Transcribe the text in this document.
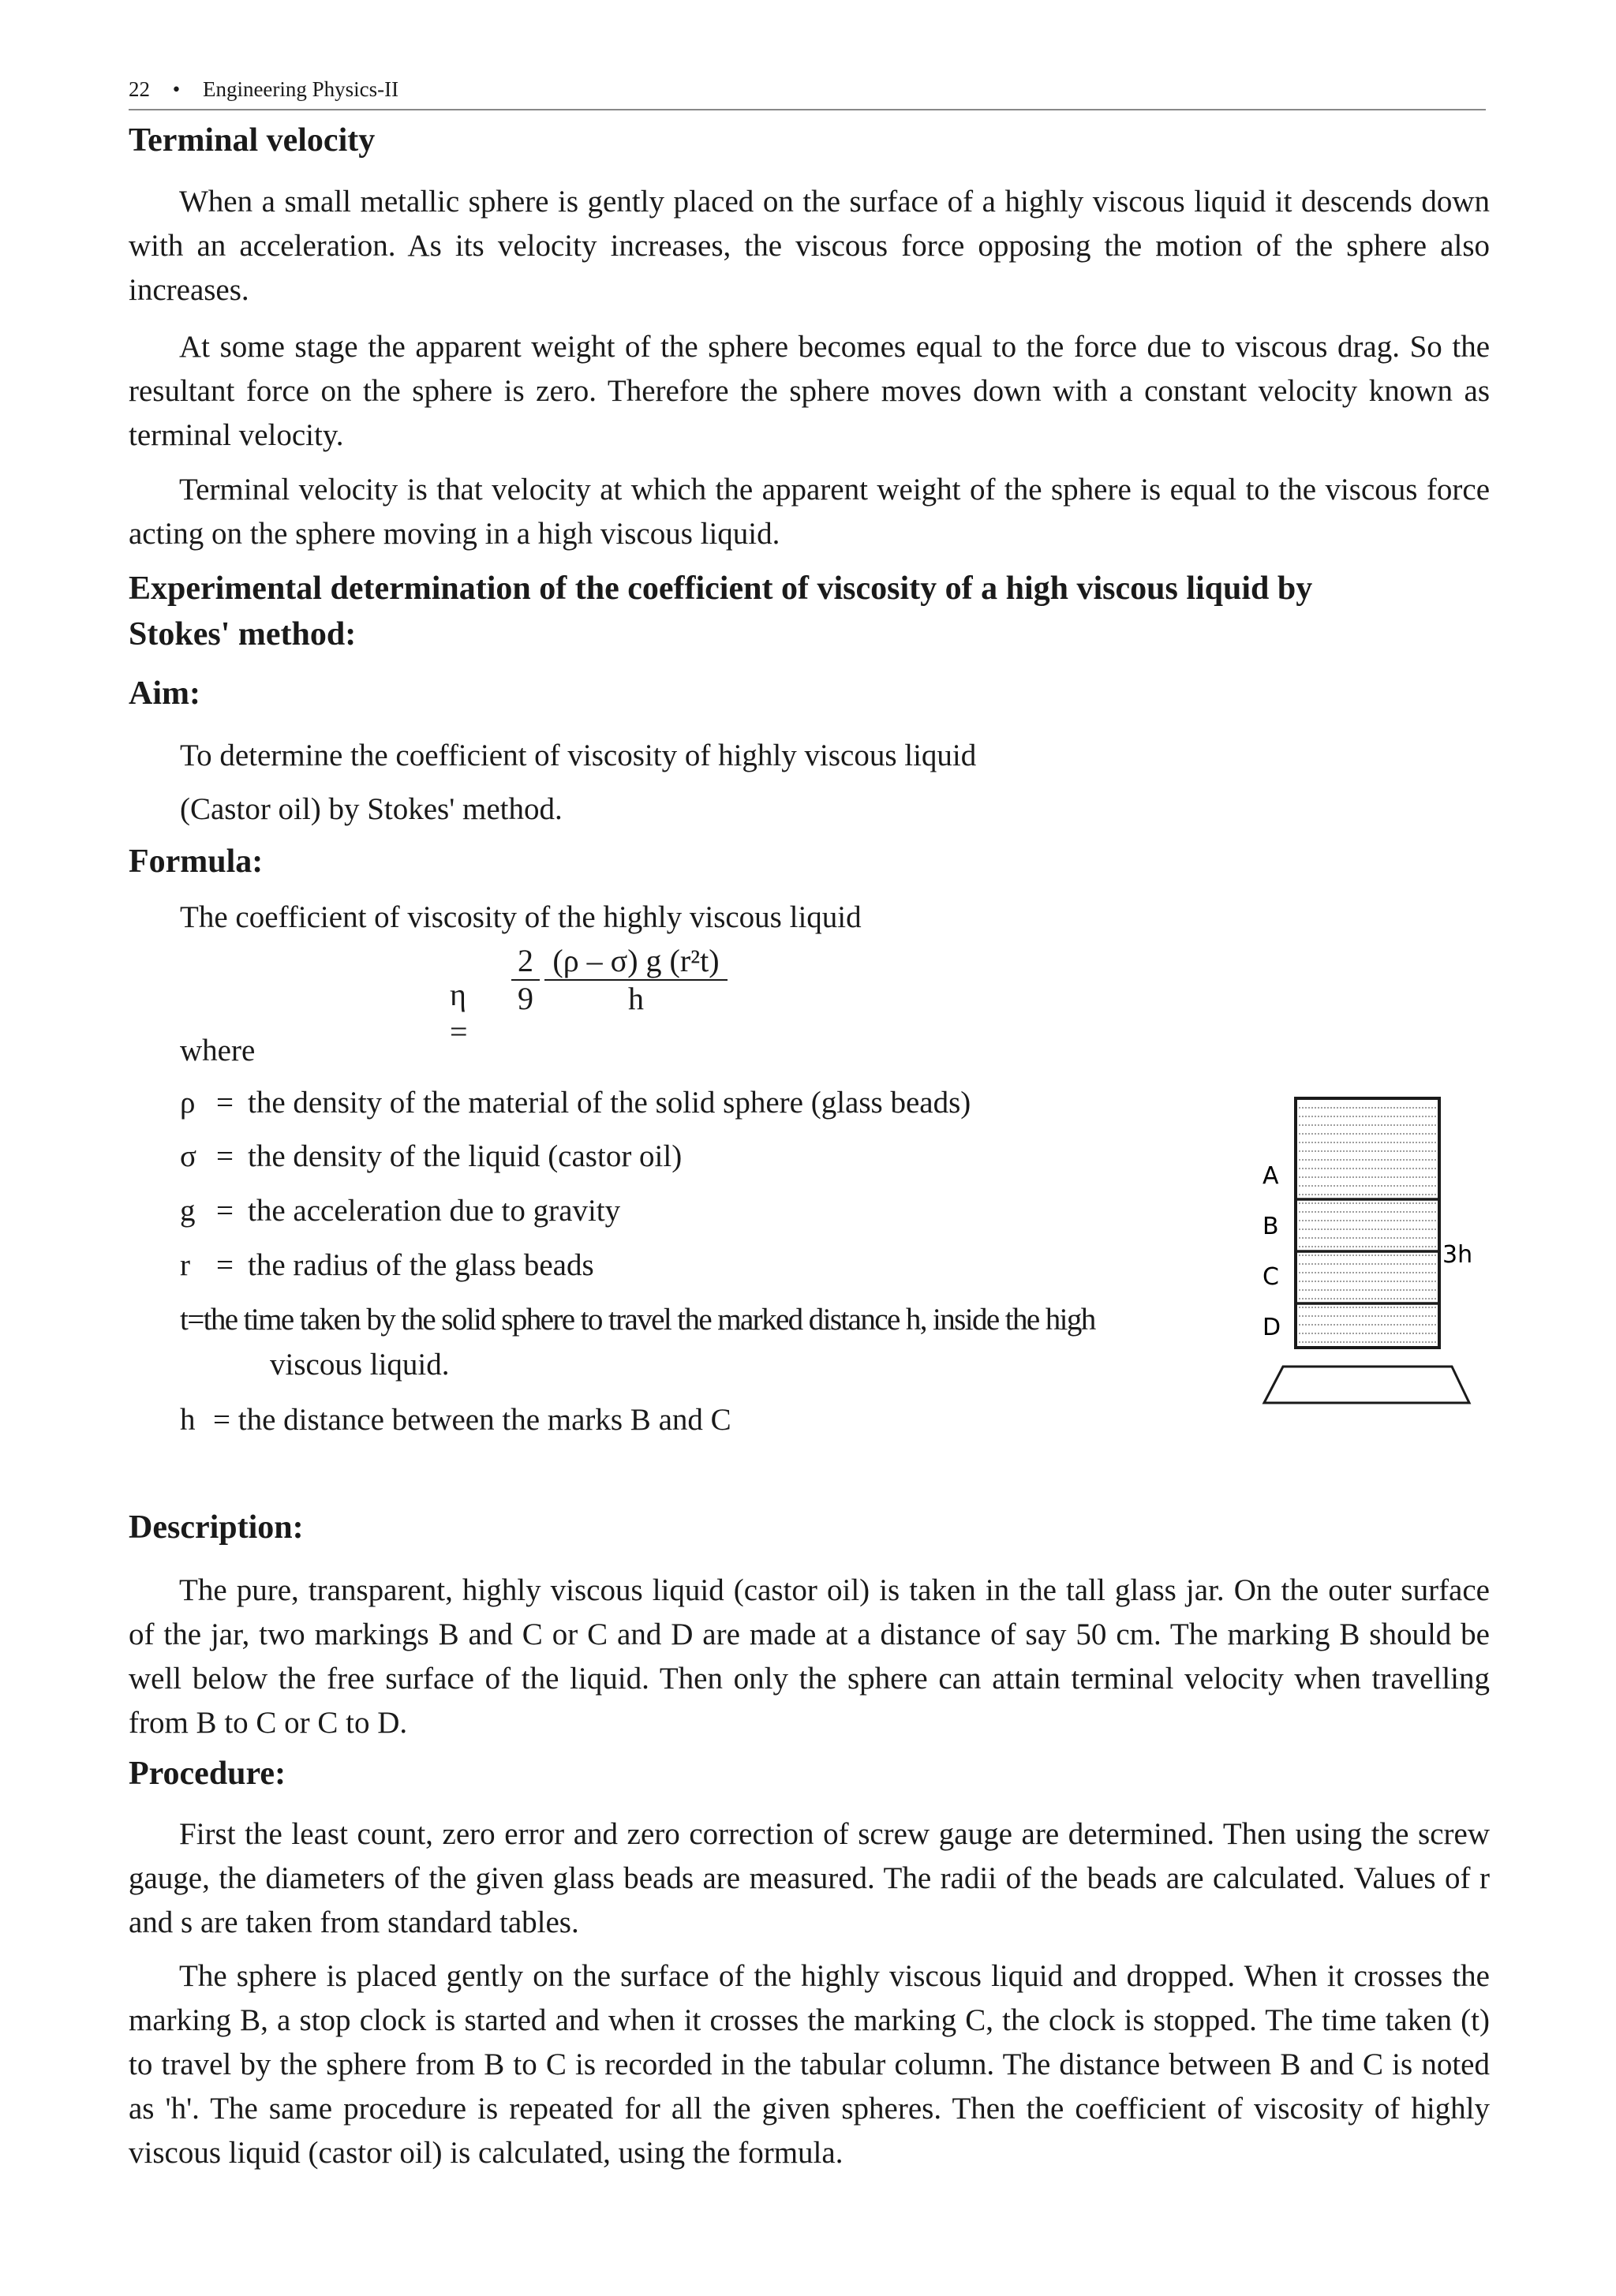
22 • Engineering Physics-II
Terminal velocity
When a small metallic sphere is gently placed on the surface of a highly viscous liquid it descends down with an acceleration. As its velocity increases, the viscous force opposing the motion of the sphere also increases.
At some stage the apparent weight of the sphere becomes equal to the force due to viscous drag. So the resultant force on the sphere is zero. Therefore the sphere moves down with a constant velocity known as terminal velocity.
Terminal velocity is that velocity at which the apparent weight of the sphere is equal to the viscous force acting on the sphere moving in a high viscous liquid.
Experimental determination of the coefficient of viscosity of a high viscous liquid by
Stokes' method:
Aim:
To determine the coefficient of viscosity of highly viscous liquid
(Castor oil) by Stokes' method.
Formula:
The coefficient of viscosity of the highly viscous liquid
η =
$\frac{2}{9} \frac{\text{(ρ – σ) g (r²t)}}{h}$
where
ρ = the density of the material of the solid sphere (glass beads)
σ = the density of the liquid (castor oil)
g = the acceleration due to gravity
r = the radius of the glass beads
t=the time taken by the solid sphere to travel the marked distance h, inside the high
viscous liquid.
h = the distance between the marks B and C
A
B
C
D
3h
Description:
The pure, transparent, highly viscous liquid (castor oil) is taken in the tall glass jar. On the outer surface of the jar, two markings B and C or C and D are made at a distance of say 50 cm. The marking B should be well below the free surface of the liquid. Then only the sphere can attain terminal velocity when travelling from B to C or C to D.
Procedure:
First the least count, zero error and zero correction of screw gauge are determined. Then using the screw gauge, the diameters of the given glass beads are measured. The radii of the beads are calculated. Values of r and s are taken from standard tables.
The sphere is placed gently on the surface of the highly viscous liquid and dropped. When it crosses the marking B, a stop clock is started and when it crosses the marking C, the clock is stopped. The time taken (t) to travel by the sphere from B to C is recorded in the tabular column. The distance between B and C is noted as 'h'. The same procedure is repeated for all the given spheres. Then the coefficient of viscosity of highly viscous liquid (castor oil) is calculated, using the formula.
